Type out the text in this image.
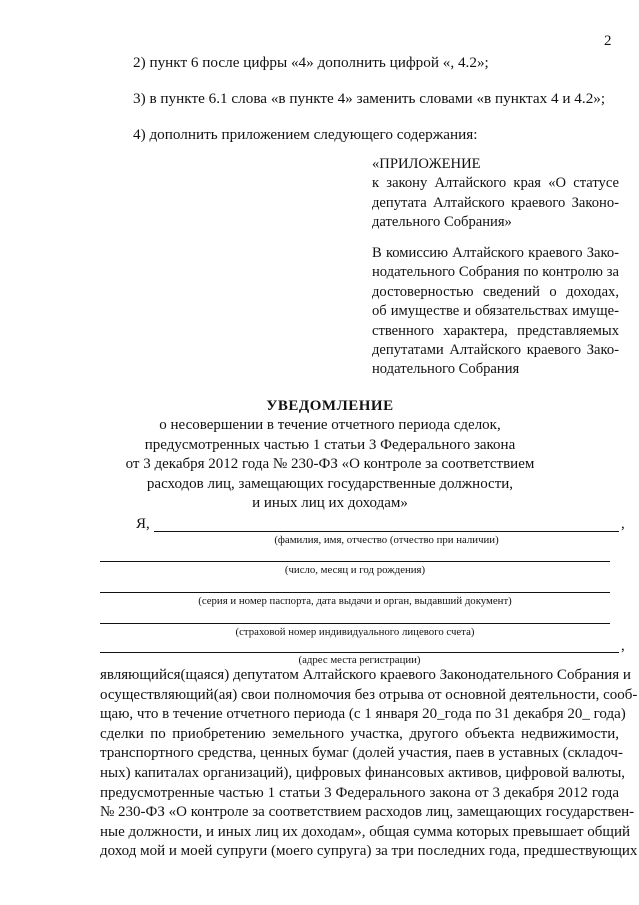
2
2) пункт 6 после цифры «4» дополнить цифрой «, 4.2»;
3) в пункте 6.1 слова «в пункте 4» заменить словами «в пунктах 4 и 4.2»;
4) дополнить приложением следующего содержания:
«ПРИЛОЖЕНИЕ
к закону Алтайского края «О статусе
депутата Алтайского краевого Законо-
дательного Собрания»
В комиссию Алтайского краевого Зако-
нодательного Собрания по контролю за
достоверностью сведений о доходах,
об имуществе и обязательствах имуще-
ственного характера, представляемых
депутатами Алтайского краевого Зако-
нодательного Собрания
УВЕДОМЛЕНИЕ
о несовершении в течение отчетного периода сделок,
предусмотренных частью 1 статьи 3 Федерального закона
от 3 декабря 2012 года № 230-ФЗ «О контроле за соответствием
расходов лиц, замещающих государственные должности,
и иных лиц их доходам»
Я,	,
(фамилия, имя, отчество (отчество при наличии)
(число, месяц и год рождения)
(серия и номер паспорта, дата выдачи и орган, выдавший документ)
(страховой номер индивидуального лицевого счета)
,
(адрес места регистрации)
являющийся(щаяся) депутатом Алтайского краевого Законодательного Собрания и
осуществляющий(ая) свои полномочия без отрыва от основной деятельности, сооб-
щаю, что в течение отчетного периода (с 1 января 20_года по 31 декабря 20_ года)
сделки по приобретению земельного участка, другого объекта недвижимости,
транспортного средства, ценных бумаг (долей участия, паев в уставных (складоч-
ных) капиталах организаций), цифровых финансовых активов, цифровой валюты,
предусмотренные частью 1 статьи 3 Федерального закона от 3 декабря 2012 года
№ 230-ФЗ «О контроле за соответствием расходов лиц, замещающих государствен-
ные должности, и иных лиц их доходам», общая сумма которых превышает общий
доход мой и моей супруги (моего супруга) за три последних года, предшествующих
